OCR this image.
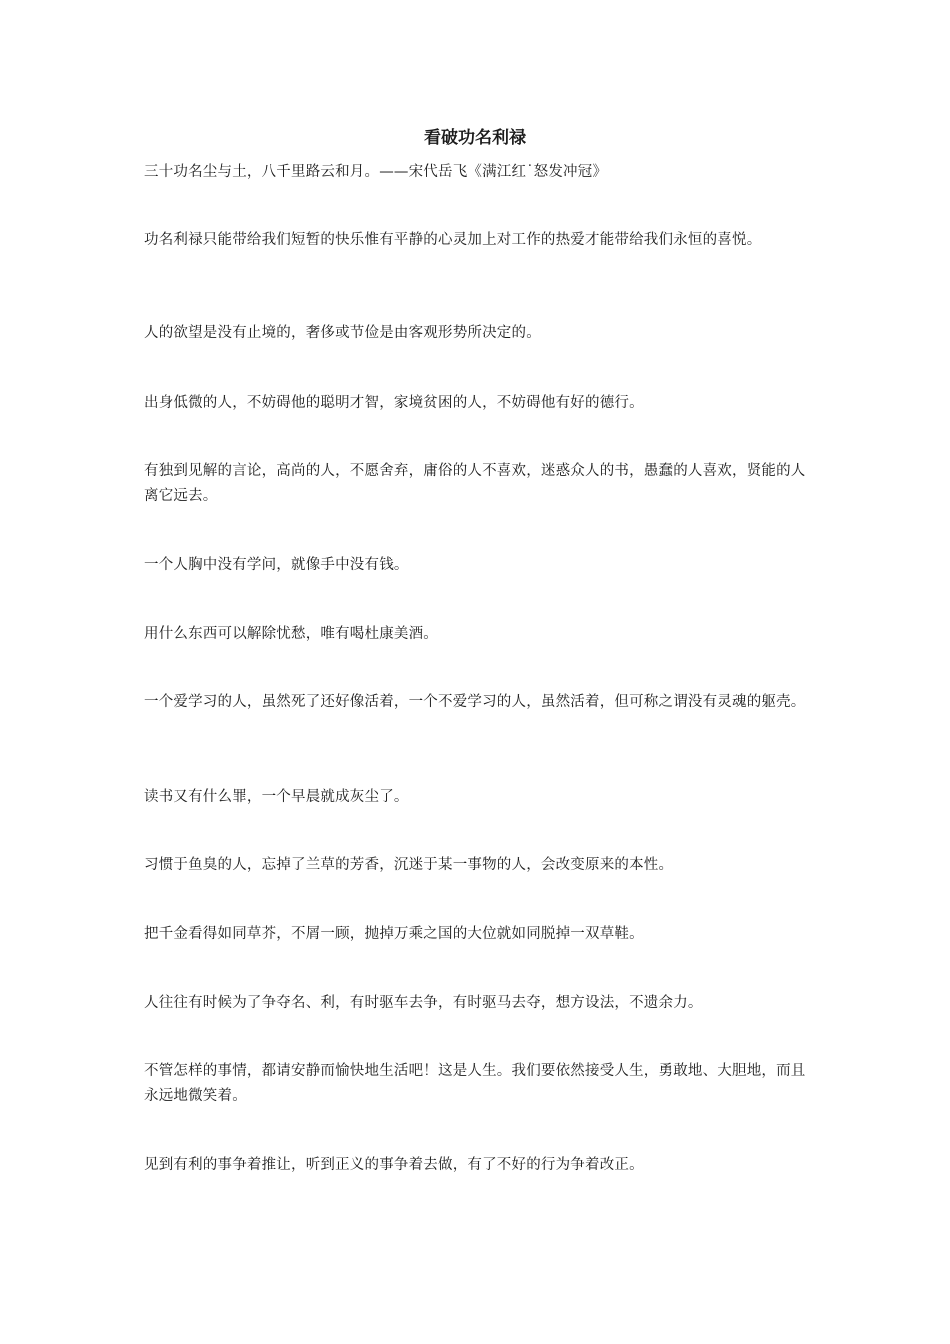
看破功名利禄

三十功名尘与土，八千里路云和月。——宋代岳飞《满江红˙怒发冲冠》

功名利禄只能带给我们短暂的快乐惟有平静的心灵加上对工作的热爱才能带给我们永恒的喜悦。

人的欲望是没有止境的，奢侈或节俭是由客观形势所决定的。

出身低微的人，不妨碍他的聪明才智，家境贫困的人，不妨碍他有好的德行。

有独到见解的言论，高尚的人，不愿舍弃，庸俗的人不喜欢，迷惑众人的书，愚蠢的人喜欢，贤能的人离它远去。

一个人胸中没有学问，就像手中没有钱。

用什么东西可以解除忧愁，唯有喝杜康美酒。

一个爱学习的人，虽然死了还好像活着，一个不爱学习的人，虽然活着，但可称之谓没有灵魂的躯壳。

读书又有什么罪，一个早晨就成灰尘了。

习惯于鱼臭的人，忘掉了兰草的芳香，沉迷于某一事物的人，会改变原来的本性。

把千金看得如同草芥，不屑一顾，抛掉万乘之国的大位就如同脱掉一双草鞋。

人往往有时候为了争夺名、利，有时驱车去争，有时驱马去夺，想方设法，不遗余力。

不管怎样的事情，都请安静而愉快地生活吧！这是人生。我们要依然接受人生，勇敢地、大胆地，而且永远地微笑着。

见到有利的事争着推让，听到正义的事争着去做，有了不好的行为争着改正。
